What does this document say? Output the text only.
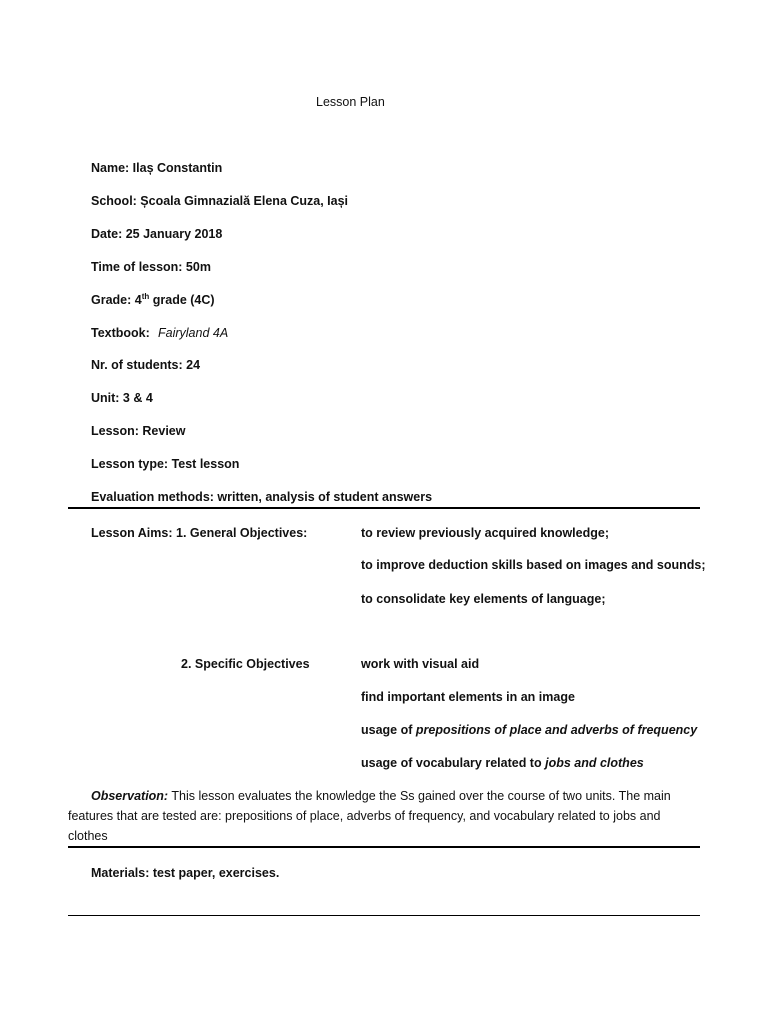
Lesson Plan
Name: Ilaș Constantin
School: Școala Gimnazială Elena Cuza, Iași
Date: 25 January 2018
Time of lesson: 50m
Grade: 4th grade (4C)
Textbook: Fairyland 4A
Nr. of students: 24
Unit: 3 & 4
Lesson: Review
Lesson type: Test lesson
Evaluation methods: written, analysis of student answers
Lesson Aims: 1. General Objectives:	to review previously acquired knowledge;
to improve deduction skills based on images and sounds;
to consolidate key elements of language;
2. Specific Objectives	work with visual aid
find important elements in an image
usage of prepositions of place and adverbs of frequency
usage of vocabulary related to jobs and clothes
Observation: This lesson evaluates the knowledge the Ss gained over the course of two units. The main
features that are tested are: prepositions of place, adverbs of frequency, and vocabulary related to jobs and
clothes
Materials: test paper, exercises.
